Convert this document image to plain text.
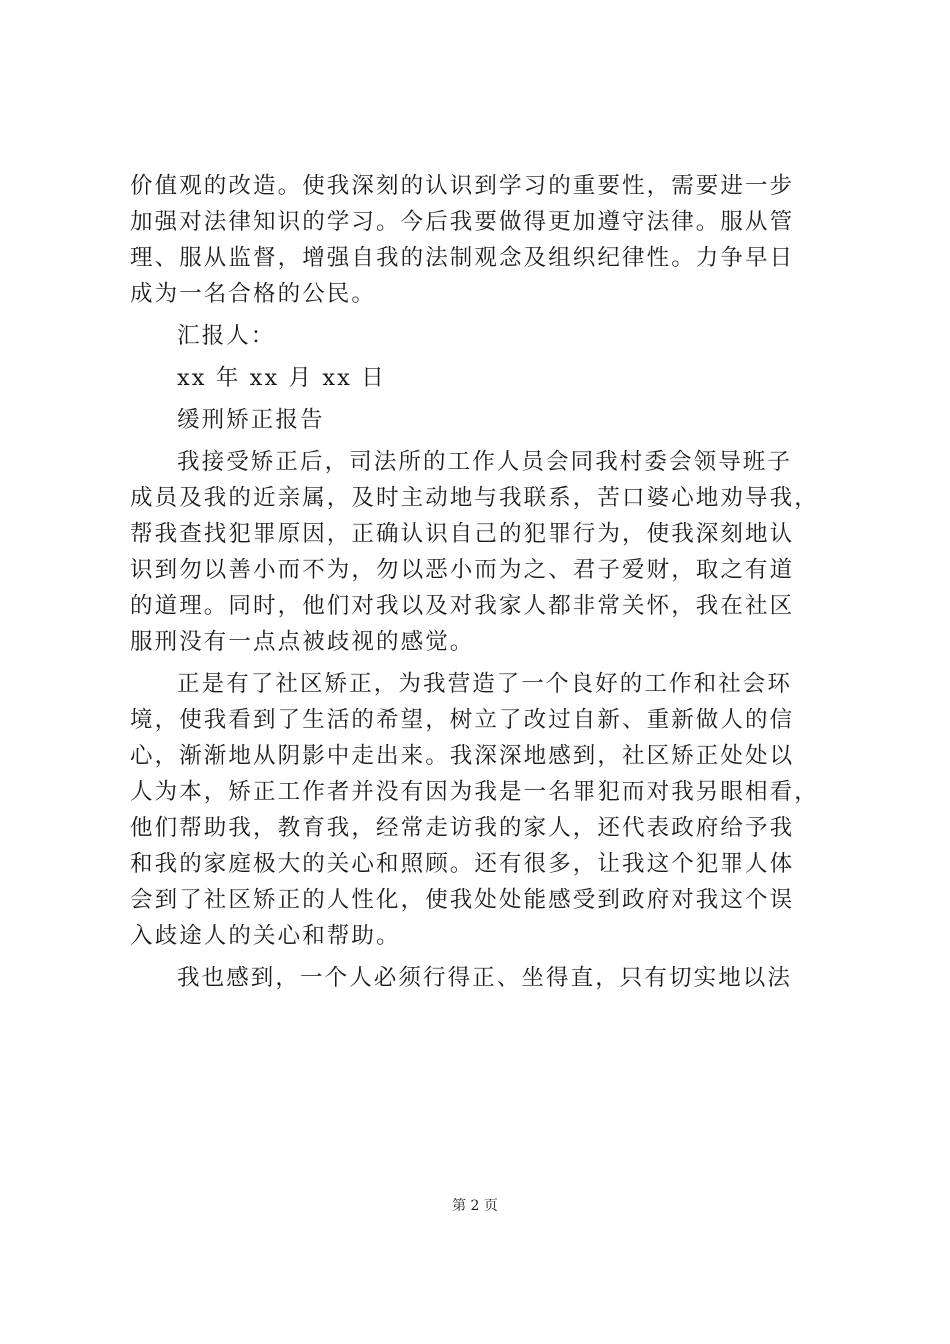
价值观的改造。使我深刻的认识到学习的重要性，需要进一步
加强对法律知识的学习。今后我要做得更加遵守法律。服从管
理、服从监督，增强自我的法制观念及组织纪律性。力争早日
成为一名合格的公民。
汇报人：
xx 年 xx 月 xx 日
缓刑矫正报告
我接受矫正后，司法所的工作人员会同我村委会领导班子
成员及我的近亲属，及时主动地与我联系，苦口婆心地劝导我，
帮我查找犯罪原因，正确认识自己的犯罪行为，使我深刻地认
识到勿以善小而不为，勿以恶小而为之、君子爱财，取之有道
的道理。同时，他们对我以及对我家人都非常关怀，我在社区
服刑没有一点点被歧视的感觉。
正是有了社区矫正，为我营造了一个良好的工作和社会环
境，使我看到了生活的希望，树立了改过自新、重新做人的信
心，渐渐地从阴影中走出来。我深深地感到，社区矫正处处以
人为本，矫正工作者并没有因为我是一名罪犯而对我另眼相看，
他们帮助我，教育我，经常走访我的家人，还代表政府给予我
和我的家庭极大的关心和照顾。还有很多，让我这个犯罪人体
会到了社区矫正的人性化，使我处处能感受到政府对我这个误
入歧途人的关心和帮助。
我也感到，一个人必须行得正、坐得直，只有切实地以法
第 2 页
